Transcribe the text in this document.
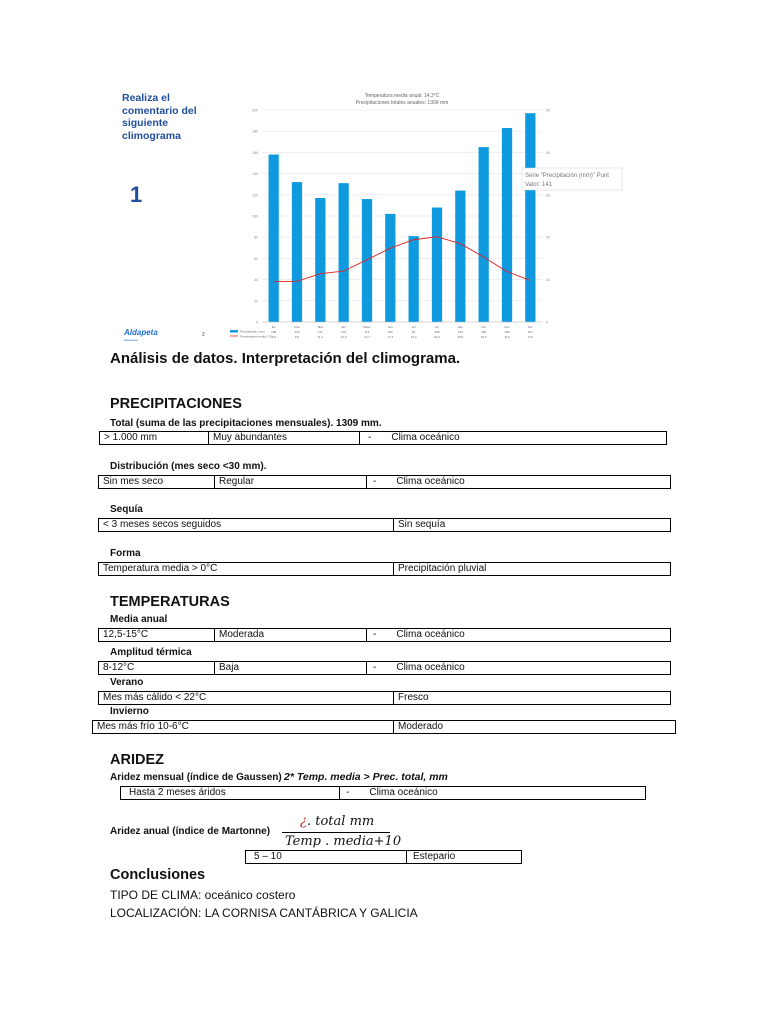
Realiza el comentario del siguiente climograma
1
Aldapeta
Ikastetxea
2
Temperatura media anual: 14,3°C
Precipitaciones totales anuales: 1309 mm
0
20
40
60
80
100
120
140
160
180
200
0
10
20
30
40
50
En	Feb	Mar	Abr	Mayo	Jun	Jul	Ag	Sep	Oct	Nov	Dic
158	132	117	131	116	102	81	108	124	165	183	197
9,5	9,6	11,4	12,0	14,7	17,4	19,4	20,1	18,5	15,3	11,9	9,8
Precipitación (mm)
Temperatura media (°C)
Serie "Precipitación (mm)" Punt
Valor: 141
Análisis de datos. Interpretación del climograma.
PRECIPITACIONES
Total (suma de las precipitaciones mensuales). 1309 mm.
> 1.000 mm	Muy abundantes	- Clima oceánico
Distribución (mes seco <30 mm).
Sin mes seco	Regular	- Clima oceánico
Sequía
< 3 meses secos seguidos	Sin sequía
Forma
Temperatura media > 0°C	Precipitación pluvial
TEMPERATURAS
Media anual
12,5-15°C	Moderada	- Clima oceánico
Amplitud térmica
8-12°C	Baja	- Clima oceánico
Verano
Mes más cálido < 22°C	Fresco
Invierno
Mes más frío 10-6°C	Moderado
ARIDEZ
Aridez mensual (índice de Gaussen) 2* Temp. media > Prec. total, mm
Hasta 2 meses áridos	- Clima oceánico
Aridez anual (índice de Martonne)
¿. total mm
Temp . media+10
5 – 10	Estepario
Conclusiones
TIPO DE CLIMA: oceánico costero
LOCALIZACIÓN: LA CORNISA CANTÁBRICA Y GALICIA
